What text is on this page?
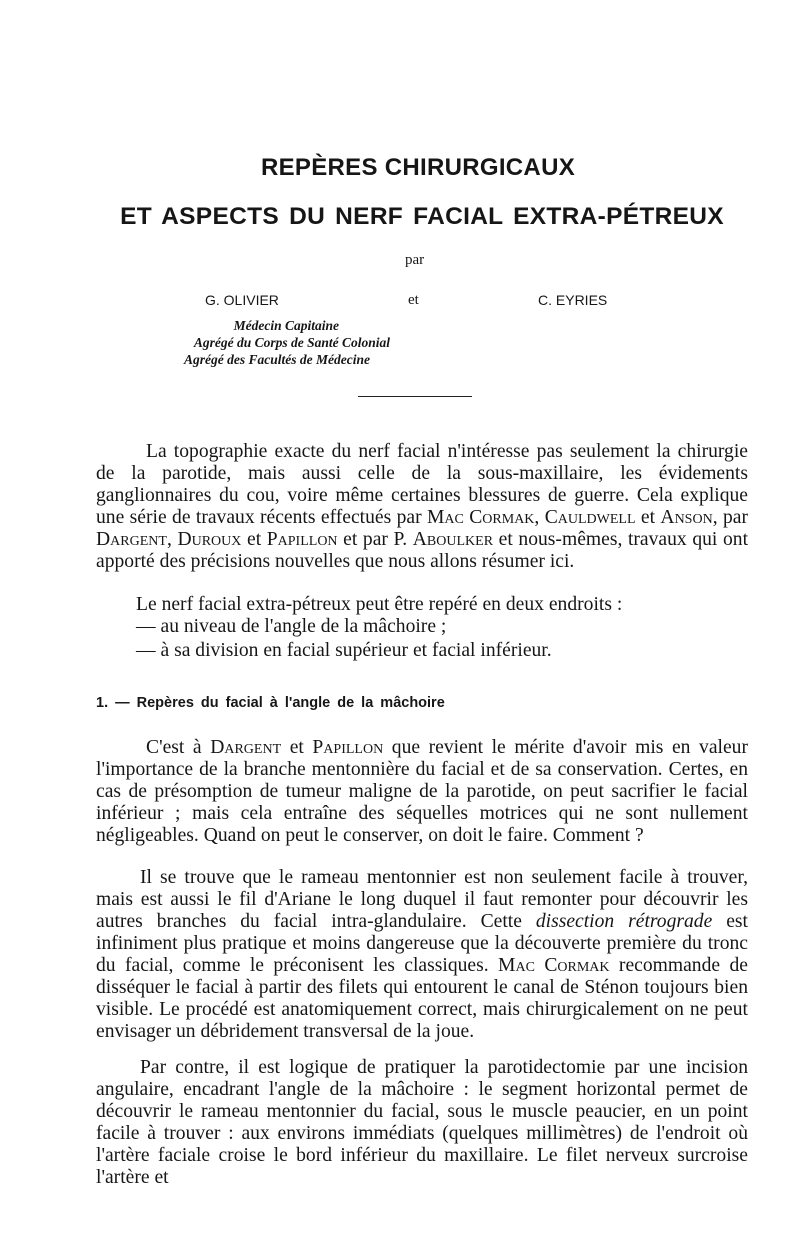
REPÈRES CHIRURGICAUX
ET ASPECTS DU NERF FACIAL EXTRA-PÉTREUX

par

G. OLIVIER	et	C. EYRIES

Médecin Capitaine

Agrégé du Corps de Santé Colonial

Agrégé des Facultés de Médecine

La topographie exacte du nerf facial n'intéresse pas seulement la chirurgie de la parotide, mais aussi celle de la sous-maxillaire, les évidements ganglionnaires du cou, voire même certaines blessures de guerre. Cela explique une série de travaux récents effectués par Mac Cormak, Cauldwell et Anson, par Dargent, Duroux et Papillon et par P. Aboulker et nous-mêmes, travaux qui ont apporté des précisions nouvelles que nous allons résumer ici.

Le nerf facial extra-pétreux peut être repéré en deux endroits :

— au niveau de l'angle de la mâchoire ;

— à sa division en facial supérieur et facial inférieur.

1. — Repères du facial à l'angle de la mâchoire

C'est à Dargent et Papillon que revient le mérite d'avoir mis en valeur l'importance de la branche mentonnière du facial et de sa conservation. Certes, en cas de présomption de tumeur maligne de la parotide, on peut sacrifier le facial inférieur ; mais cela entraîne des séquelles motrices qui ne sont nullement négligeables. Quand on peut le conserver, on doit le faire. Comment ?

Il se trouve que le rameau mentonnier est non seulement facile à trouver, mais est aussi le fil d'Ariane le long duquel il faut remonter pour découvrir les autres branches du facial intra-glandulaire. Cette dissection rétrograde est infiniment plus pratique et moins dangereuse que la découverte première du tronc du facial, comme le préconisent les classiques. Mac Cormak recommande de disséquer le facial à partir des filets qui entourent le canal de Sténon toujours bien visible. Le procédé est anatomiquement correct, mais chirurgicalement on ne peut envisager un débridement transversal de la joue.

Par contre, il est logique de pratiquer la parotidectomie par une incision angulaire, encadrant l'angle de la mâchoire : le segment horizontal permet de découvrir le rameau mentonnier du facial, sous le muscle peaucier, en un point facile à trouver : aux environs immédiats (quelques millimètres) de l'endroit où l'artère faciale croise le bord inférieur du maxillaire. Le filet nerveux surcroise l'artère et
